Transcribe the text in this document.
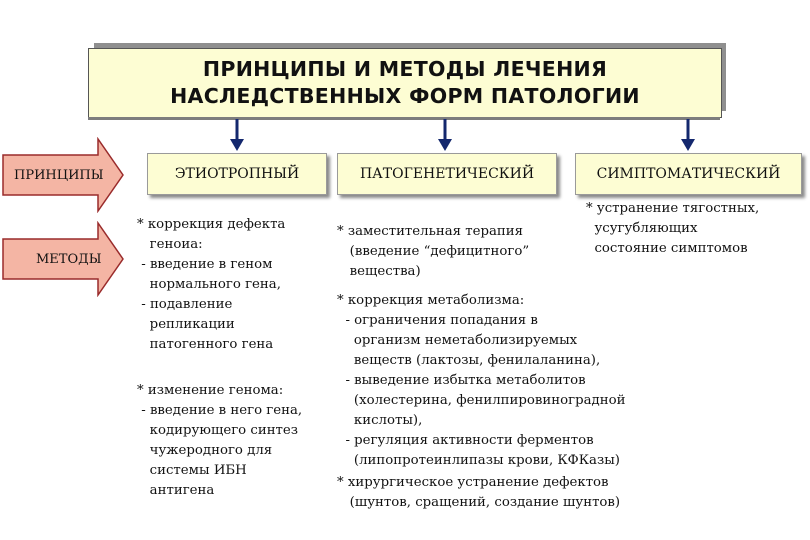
ПРИНЦИПЫ И МЕТОДЫ ЛЕЧЕНИЯ
НАСЛЕДСТВЕННЫХ ФОРМ ПАТОЛОГИИ
ПРИНЦИПЫ
МЕТОДЫ
ЭТИОТРОПНЫЙ	ПАТОГЕНЕТИЧЕСКИЙ	СИМПТОМАТИЧЕСКИЙ
* коррекция дефекта
геноиа:
- введение в геном
нормального гена,
- подавление
репликации
патогенного гена
* изменение генома:
- введение в него гена,
кодирующего синтез
чужеродного для
системы ИБН
антигена
* заместительная терапия
(введение “дефицитного”
вещества)
* коррекция метаболизма:
- ограничения попадания в
организм неметаболизируемых
веществ (лактозы, фенилаланина),
- выведение избытка метаболитов
(холестерина, фенилпировиноградной
кислоты),
- регуляция активности ферментов
(липопротеинлипазы крови, КФКазы)
* хирургическое устранение дефектов
(шунтов, сращений, создание шунтов)
* устранение тягостных,
усугубляющих
состояние симптомов
